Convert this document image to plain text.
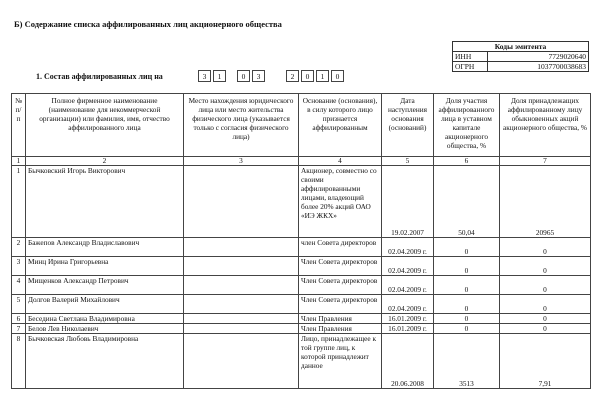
Б) Содержание списка аффилированных лиц акционерного общества
Коды эмитента	
ИНН	7729020640
ОГРН	1037700038683
1. Состав аффилированных лиц на	3	1	0	3	2	0	1	0
№ п/п	Полное фирменное наименование (наименование для некоммерческой организации) или фамилия, имя, отчество аффилированного лица	Место нахождения юридического лица или место жительства физического лица (указывается только с согласия физического лица)	Основание (основания), в силу которого лицо признается аффилированным	Дата наступления основания (оснований)	Доля участия аффилированного лица в уставном капитале акционерного общества, %	Доля принадлежащих аффилированному лицу обыкновенных акций акционерного общества, %
1	2	3	4	5	6	7
1	Бычковский Игорь Викторович		Акционер, совместно со своими аффилированными лицами, владеющий более 20% акций ОАО «ИЭ ЖКХ»	19.02.2007	50,04	20965
2	Бажепов Александр Владиславович		член Совета директоров	02.04.2009 г.	0	0
3	Минц Ирина Григорьевна		Член Совета директоров	02.04.2009 г.	0	0
4	Мищенков Александр Петрович		Член Совета директоров	02.04.2009 г.	0	0
5	Долгов Валерий Михайлович		Член Совета директоров	02.04.2009 г.	0	0
6	Беседина Светлана Владимировна		Член Правления	16.01.2009 г.	0	0
7	Белов Лев Николаевич		Член Правления	16.01.2009 г.	0	0
8	Бычковская Любовь Владимировна		Лицо, принадлежащее к той группе лиц, к которой принадлежит данное	20.06.2008	3513	7,91
